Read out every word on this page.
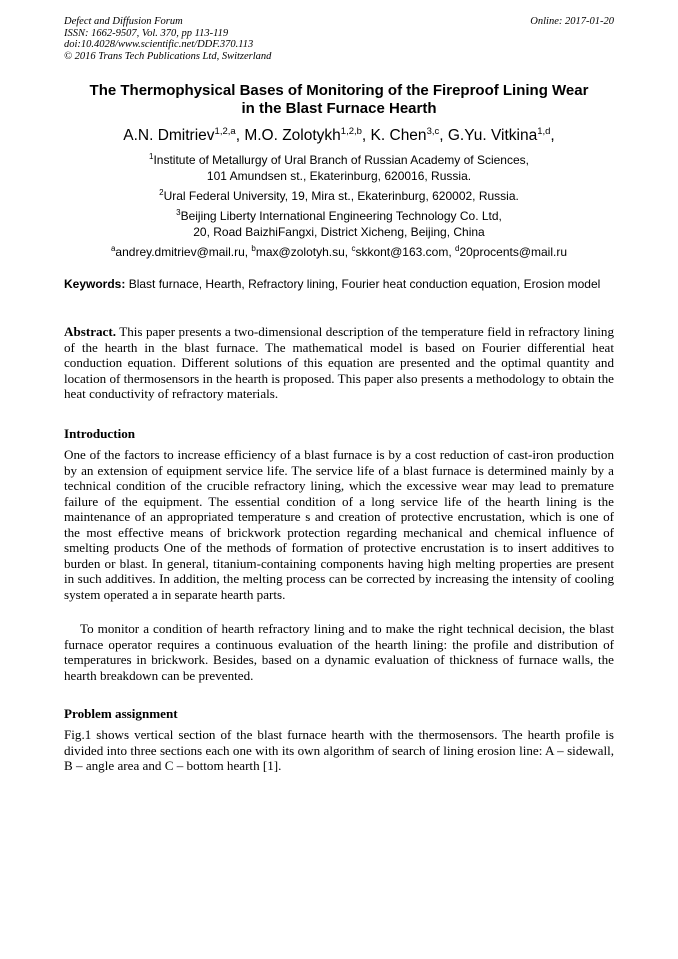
Defect and Diffusion Forum
ISSN: 1662-9507, Vol. 370, pp 113-119
doi:10.4028/www.scientific.net/DDF.370.113
© 2016 Trans Tech Publications Ltd, Switzerland
Online: 2017-01-20
The Thermophysical Bases of Monitoring of the Fireproof Lining Wear
in the Blast Furnace Hearth
A.N. Dmitriev$^{1,2,a}$, M.O. Zolotykh$^{1,2,b}$, K. Chen$^{3,c}$, G.Yu. Vitkina$^{1,d}$,
$^1$Institute of Metallurgy of Ural Branch of Russian Academy of Sciences,
101 Amundsen st., Ekaterinburg, 620016, Russia.
$^2$Ural Federal University, 19, Mira st., Ekaterinburg, 620002, Russia.
$^3$Beijing Liberty International Engineering Technology Co. Ltd,
20, Road BaizhiFangxi, District Xicheng, Beijing, China
$^a$andrey.dmitriev@mail.ru, $^b$max@zolotyh.su, $^c$skkont@163.com, $^d$20procents@mail.ru
Keywords: Blast furnace, Hearth, Refractory lining, Fourier heat conduction equation, Erosion model
Abstract. This paper presents a two-dimensional description of the temperature field in refractory lining of the hearth in the blast furnace. The mathematical model is based on Fourier differential heat conduction equation. Different solutions of this equation are presented and the optimal quantity and location of thermosensors in the hearth is proposed. This paper also presents a methodology to obtain the heat conductivity of refractory materials.
Introduction
One of the factors to increase efficiency of a blast furnace is by a cost reduction of cast-iron production by an extension of equipment service life. The service life of a blast furnace is determined mainly by a technical condition of the crucible refractory lining, which the excessive wear may lead to premature failure of the equipment. The essential condition of a long service life of the hearth lining is the maintenance of an appropriated temperature s and creation of protective encrustation, which is one of the most effective means of brickwork protection regarding mechanical and chemical influence of smelting products One of the methods of formation of protective encrustation is to insert additives to burden or blast. In general, titanium-containing components having high melting properties are present in such additives. In addition, the melting process can be corrected by increasing the intensity of cooling system operated a in separate hearth parts.
To monitor a condition of hearth refractory lining and to make the right technical decision, the blast furnace operator requires a continuous evaluation of the hearth lining: the profile and distribution of temperatures in brickwork. Besides, based on a dynamic evaluation of thickness of furnace walls, the hearth breakdown can be prevented.
Problem assignment
Fig.1 shows vertical section of the blast furnace hearth with the thermosensors. The hearth profile is divided into three sections each one with its own algorithm of search of lining erosion line: A – sidewall, B – angle area and C – bottom hearth [1].
